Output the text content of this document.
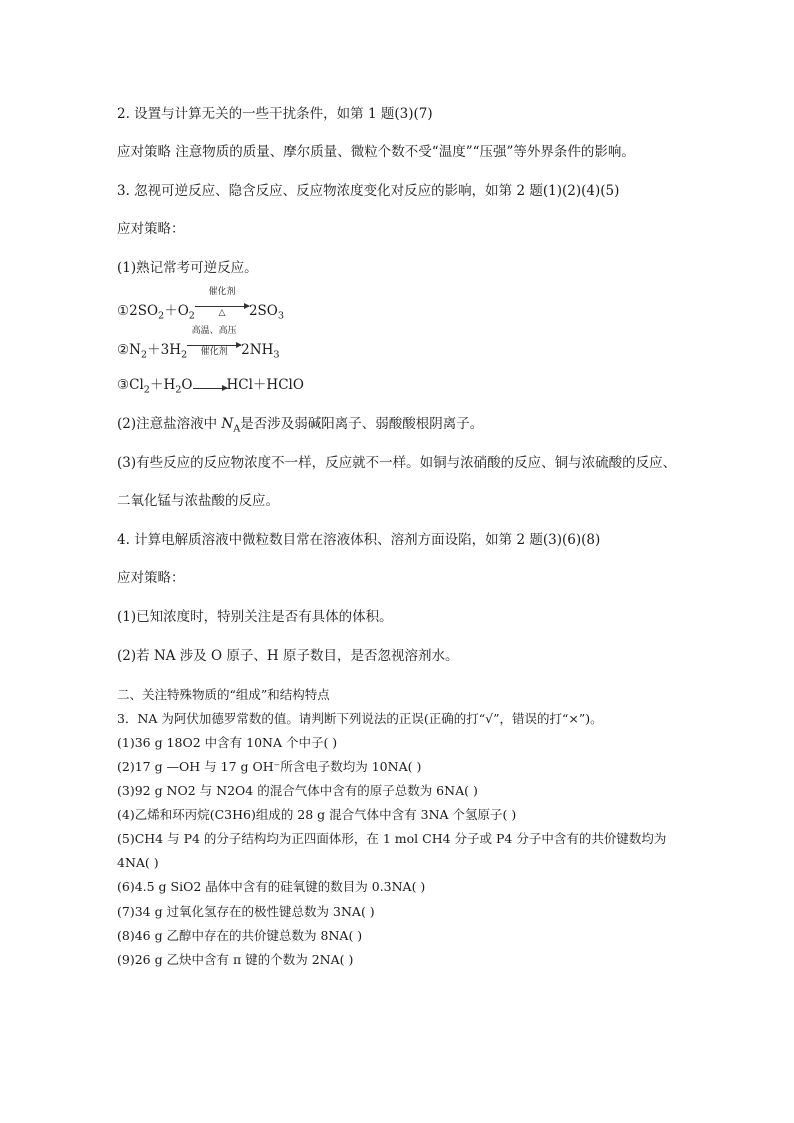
2. 设置与计算无关的一些干扰条件，如第 1 题(3)(7)
应对策略 注意物质的质量、摩尔质量、微粒个数不受“温度”“压强”等外界条件的影响。
3. 忽视可逆反应、隐含反应、反应物浓度变化对反应的影响，如第 2 题(1)(2)(4)(5)
应对策略：
(1)熟记常考可逆反应。
$①2SO_2+O_2$
催化剂
△	$2SO_3$
$②N_2+3H_2$
高温、高压
催化剂	$2NH_3$
$③Cl_2+H_2O\to HCl+HClO$
(2)注意盐溶液中 $N_A$是否涉及弱碱阳离子、弱酸酸根阴离子。
(3)有些反应的反应物浓度不一样，反应就不一样。如铜与浓硝酸的反应、铜与浓硫酸的反应、
二氧化锰与浓盐酸的反应。
4. 计算电解质溶液中微粒数目常在溶液体积、溶剂方面设陷，如第 2 题(3)(6)(8)
应对策略：
(1)已知浓度时，特别关注是否有具体的体积。
(2)若 NA 涉及 O 原子、H 原子数目，是否忽视溶剂水。
二、关注特殊物质的“组成”和结构特点
3．NA 为阿伏加德罗常数的值。请判断下列说法的正误(正确的打“√”，错误的打“×”)。
(1)36 g 18O2 中含有 10NA 个中子( )
(2)17 g —OH 与 17 g OH⁻所含电子数均为 10NA( )
(3)92 g NO2 与 N2O4 的混合气体中含有的原子总数为 6NA( )
(4)乙烯和环丙烷(C3H6)组成的 28 g 混合气体中含有 3NA 个氢原子( )
(5)CH4 与 P4 的分子结构均为正四面体形，在 1 mol CH4 分子或 P4 分子中含有的共价键数均为
4NA( )
(6)4.5 g SiO2 晶体中含有的硅氧键的数目为 0.3NA( )
(7)34 g 过氧化氢存在的极性键总数为 3NA( )
(8)46 g 乙醇中存在的共价键总数为 8NA( )
(9)26 g 乙炔中含有 π 键的个数为 2NA( )
